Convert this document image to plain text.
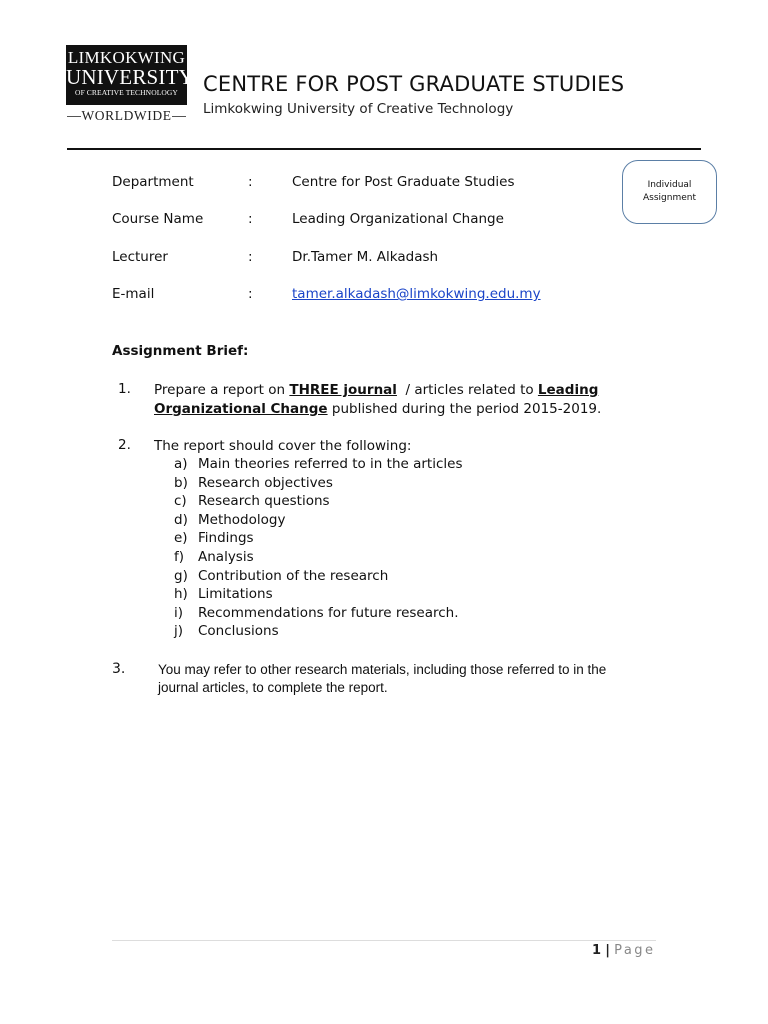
LIMKOKWING
UNIVERSITY
OF CREATIVE TECHNOLOGY
WORLDWIDE
CENTRE FOR POST GRADUATE STUDIES
Limkokwing University of Creative Technology
Department	:	Centre for Post Graduate Studies
Course Name	:	Leading Organizational Change
Lecturer	:	Dr.Tamer M. Alkadash
E-mail	:	tamer.alkadash@limkokwing.edu.my
Individual
Assignment
Assignment Brief:
1. Prepare a report on THREE journal  / articles related to Leading Organizational Change published during the period 2015-2019.
2. The report should cover the following:
a) Main theories referred to in the articles
b) Research objectives
c) Research questions
d) Methodology
e) Findings
f) Analysis
g) Contribution of the research
h) Limitations
i) Recommendations for future research.
j) Conclusions
3. You may refer to other research materials, including those referred to in the journal articles, to complete the report.
1 | Page
